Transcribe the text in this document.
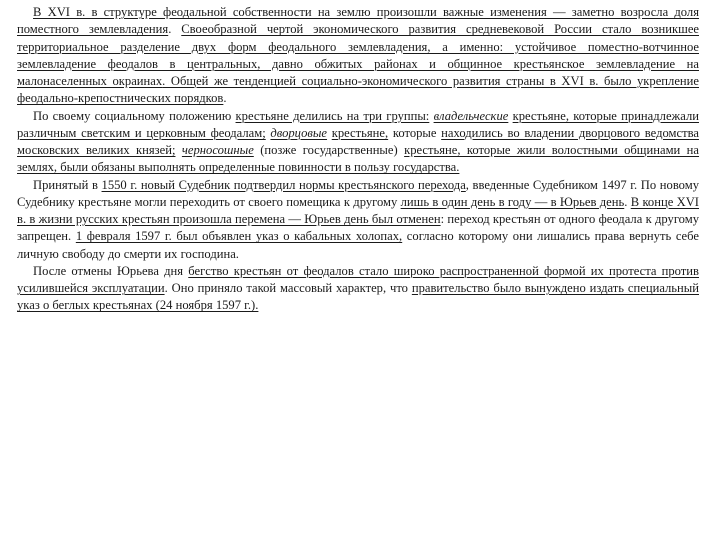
В XVI в. в структуре феодальной собственности на землю произошли важные изменения — заметно возросла доля поместного землевладения. Своеобразной чертой экономического развития средневековой России стало возникшее территориальное разделение двух форм феодального землевладения, а именно: устойчивое поместно-вотчинное землевладение феодалов в центральных, давно обжитых районах и общинное крестьянское землевладение на малонаселенных окраинах. Общей же тенденцией социально-экономического развития страны в XVI в. было укрепление феодально-крепостнических порядков.

По своему социальному положению крестьяне делились на три группы: владельческие крестьяне, которые принадлежали различным светским и церковным феодалам; дворцовые крестьяне, которые находились во владении дворцового ведомства московских великих князей; черносошные (позже государственные) крестьяне, которые жили волостными общинами на землях, были обязаны выполнять определенные повинности в пользу государства.

Принятый в 1550 г. новый Судебник подтвердил нормы крестьянского перехода, введенные Судебником 1497 г. По новому Судебнику крестьяне могли переходить от своего помещика к другому лишь в один день в году — в Юрьев день. В конце XVI в. в жизни русских крестьян произошла перемена — Юрьев день был отменен: переход крестьян от одного феодала к другому запрещен. 1 февраля 1597 г. был объявлен указ о кабальных холопах, согласно которому они лишались права вернуть себе личную свободу до смерти их господина.

После отмены Юрьева дня бегство крестьян от феодалов стало широко распространенной формой их протеста против усилившейся эксплуатации. Оно приняло такой массовый характер, что правительство было вынуждено издать специальный указ о беглых крестьянах (24 ноября 1597 г.).
